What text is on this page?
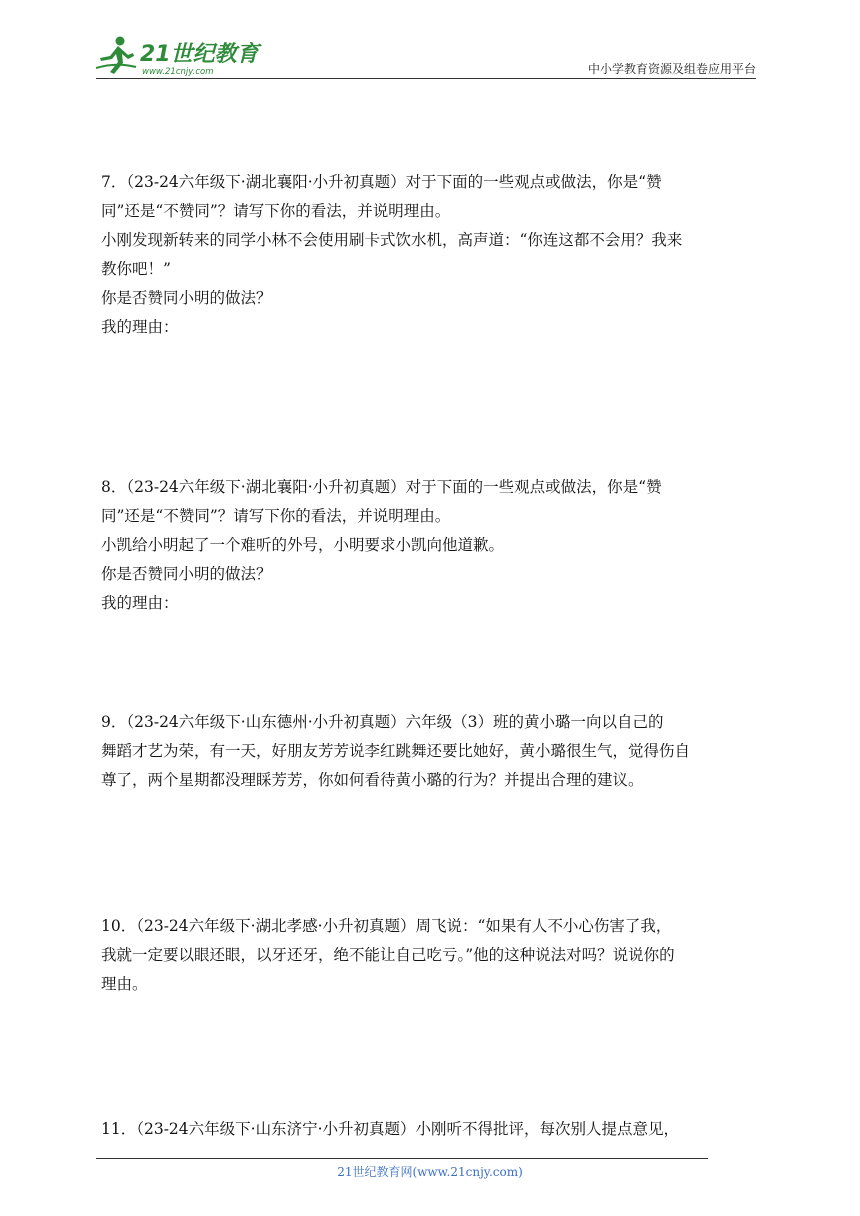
21世纪教育
www.21cnjy.com	中小学教育资源及组卷应用平台

7．（23-24六年级下·湖北襄阳·小升初真题）对于下面的一些观点或做法，你是“赞

同”还是“不赞同”？请写下你的看法，并说明理由。

小刚发现新转来的同学小林不会使用刷卡式饮水机，高声道：“你连这都不会用？我来

教你吧！”

你是否赞同小明的做法？

我的理由：

8．（23-24六年级下·湖北襄阳·小升初真题）对于下面的一些观点或做法，你是“赞

同”还是“不赞同”？请写下你的看法，并说明理由。

小凯给小明起了一个难听的外号，小明要求小凯向他道歉。

你是否赞同小明的做法？

我的理由：

9．（23-24六年级下·山东德州·小升初真题）六年级（3）班的黄小璐一向以自己的

舞蹈才艺为荣，有一天，好朋友芳芳说李红跳舞还要比她好，黄小璐很生气，觉得伤自

尊了，两个星期都没理睬芳芳，你如何看待黄小璐的行为？并提出合理的建议。

10．（23-24六年级下·湖北孝感·小升初真题）周飞说：“如果有人不小心伤害了我，

我就一定要以眼还眼，以牙还牙，绝不能让自己吃亏。”他的这种说法对吗？说说你的

理由。

11．（23-24六年级下·山东济宁·小升初真题）小刚听不得批评，每次别人提点意见，

21世纪教育网(www.21cnjy.com)
